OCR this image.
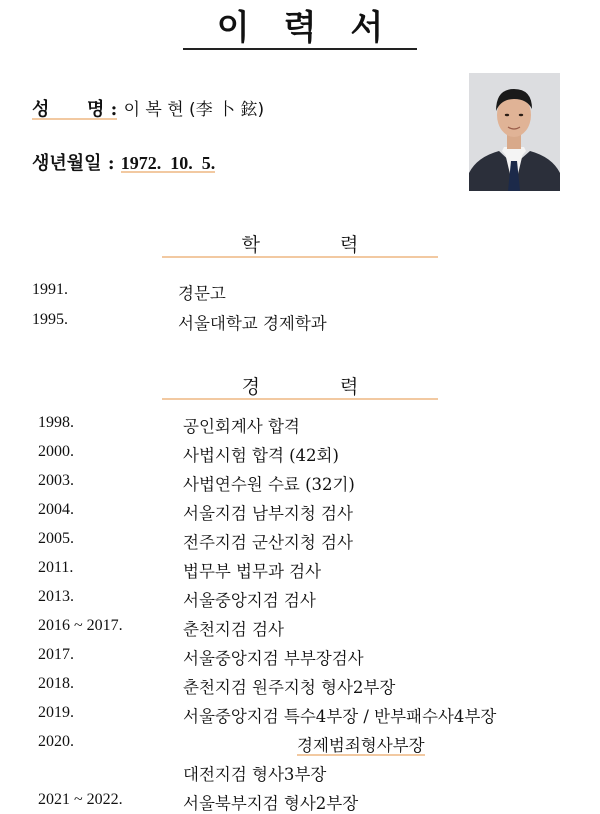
이력서
성      명 : 이 복 현 (李 卜 鉉)
생년월일 : 1972.  10.  5.
학력
1991.	경문고
1995.	서울대학교 경제학과
경력
1998.	공인회계사 합격
2000.	사법시험 합격 (42회)
2003.	사법연수원 수료 (32기)
2004.	서울지검 남부지청 검사
2005.	전주지검 군산지청 검사
2011.	법무부 법무과 검사
2013.	서울중앙지검 검사
2016 ~ 2017.	춘천지검 검사
2017.	서울중앙지검 부부장검사
2018.	춘천지검 원주지청 형사2부장
2019.	서울중앙지검 특수4부장 / 반부패수사4부장
2020.	경제범죄형사부장
대전지검 형사3부장
2021 ~ 2022.	서울북부지검 형사2부장
